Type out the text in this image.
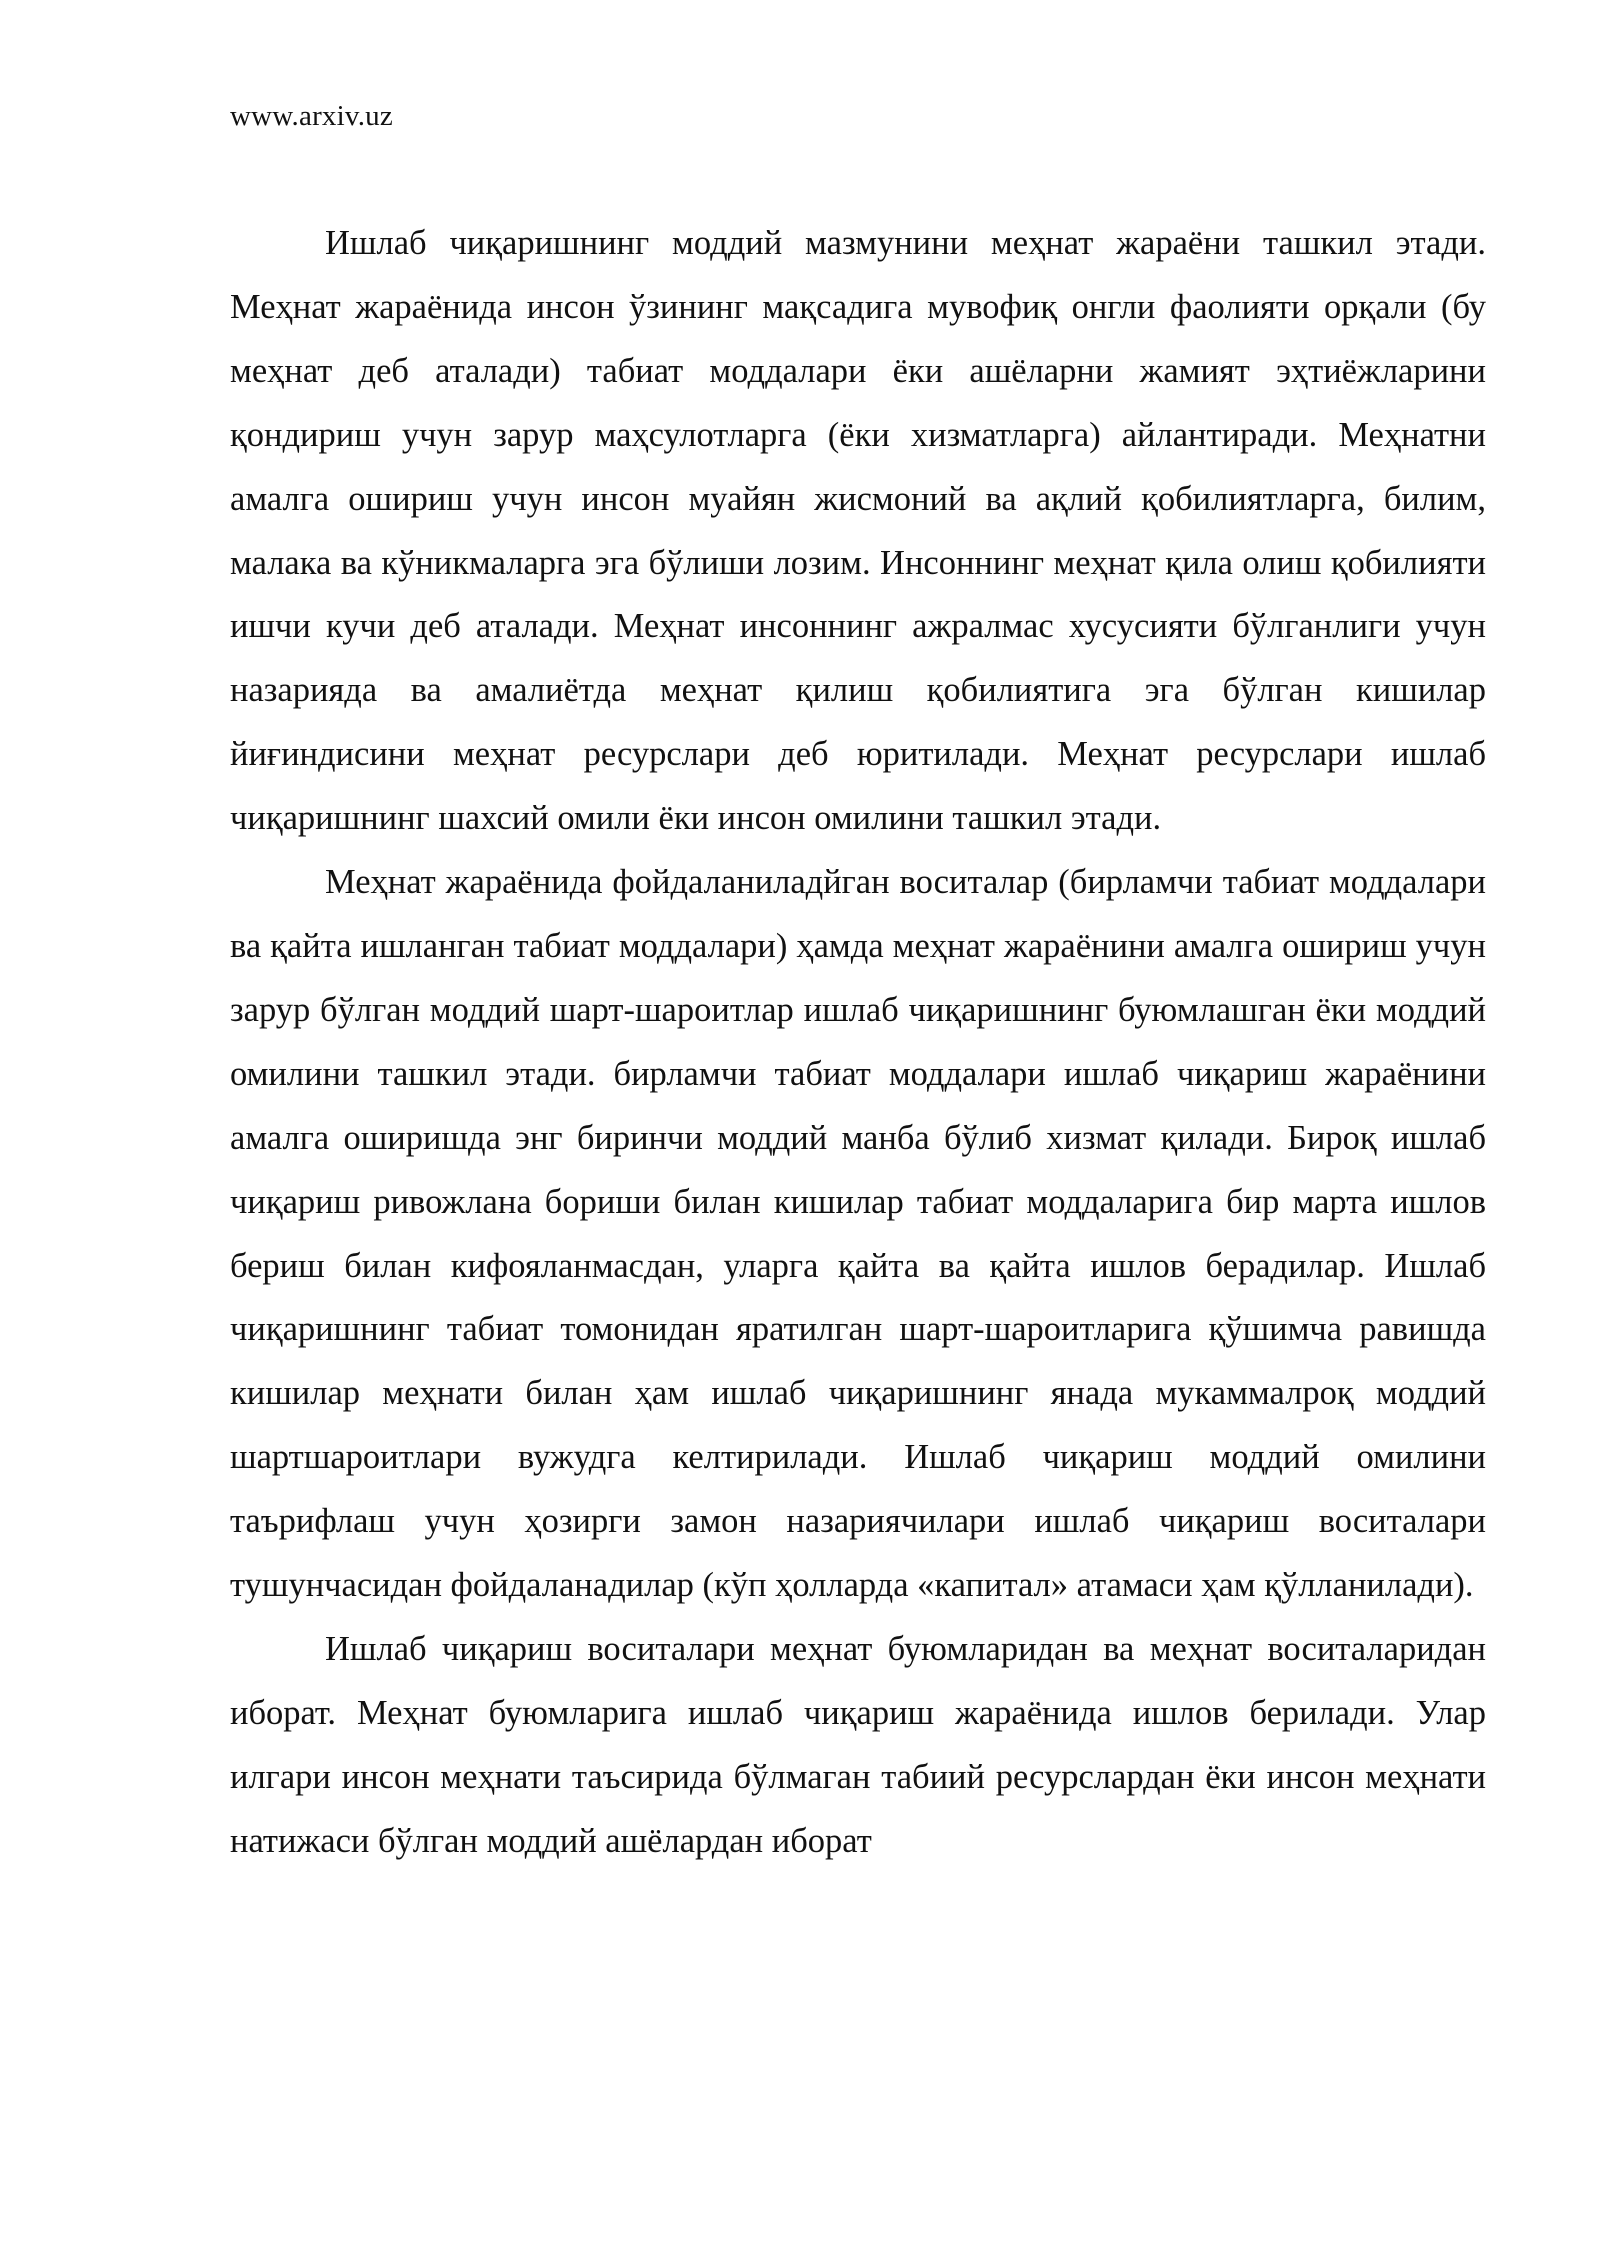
www.arxiv.uz

Ишлаб чиқаришнинг моддий мазмунини меҳнат жараёни ташкил этади. Меҳнат жараёнида инсон ўзининг мақсадига мувофиқ онгли фаолияти орқали (бу меҳнат деб аталади) табиат моддалари ёки ашёларни жамият эҳтиёжларини қондириш учун зарур маҳсулотларга (ёки хизматларга) айлантиради. Меҳнатни амалга ошириш учун инсон муайян жисмоний ва ақлий қобилиятларга, билим, малака ва кўникмаларга эга бўлиши лозим. Инсоннинг меҳнат қила олиш қобилияти ишчи кучи деб аталади. Меҳнат инсоннинг ажралмас хусусияти бўлганлиги учун назарияда ва амалиётда меҳнат қилиш қобилиятига эга бўлган кишилар йиғиндисини меҳнат ресурслари деб юритилади. Меҳнат ресурслари ишлаб чиқаришнинг шахсий омили ёки инсон омилини ташкил этади.

Меҳнат жараёнида фойдаланиладйган воситалар (бирламчи табиат моддалари ва қайта ишланган табиат моддалари) ҳамда меҳнат жараёнини амалга ошириш учун зарур бўлган моддий шарт-шароитлар ишлаб чиқаришнинг буюмлашган ёки моддий омилини ташкил этади. бирламчи табиат моддалари ишлаб чиқариш жараёнини амалга оширишда энг биринчи моддий манба бўлиб хизмат қилади. Бироқ ишлаб чиқариш ривожлана бориши билан кишилар табиат моддаларига бир марта ишлов бериш билан кифояланмасдан, уларга қайта ва қайта ишлов берадилар. Ишлаб чиқаришнинг табиат томонидан яратилган шарт-шароитларига қўшимча равишда кишилар меҳнати билан ҳам ишлаб чиқаришнинг янада мукаммалроқ моддий шартшароитлари вужудга келтирилади. Ишлаб чиқариш моддий омилини таърифлаш учун ҳозирги замон назариячилари ишлаб чиқариш воситалари тушунчасидан фойдаланадилар (кўп ҳолларда «капитал» атамаси ҳам қўлланилади).

Ишлаб чиқариш воситалари меҳнат буюмларидан ва меҳнат воситаларидан иборат. Меҳнат буюмларига ишлаб чиқариш жараёнида ишлов берилади. Улар илгари инсон меҳнати таъсирида бўлмаган табиий ресурслардан ёки инсон меҳнати натижаси бўлган моддий ашёлардан иборат
